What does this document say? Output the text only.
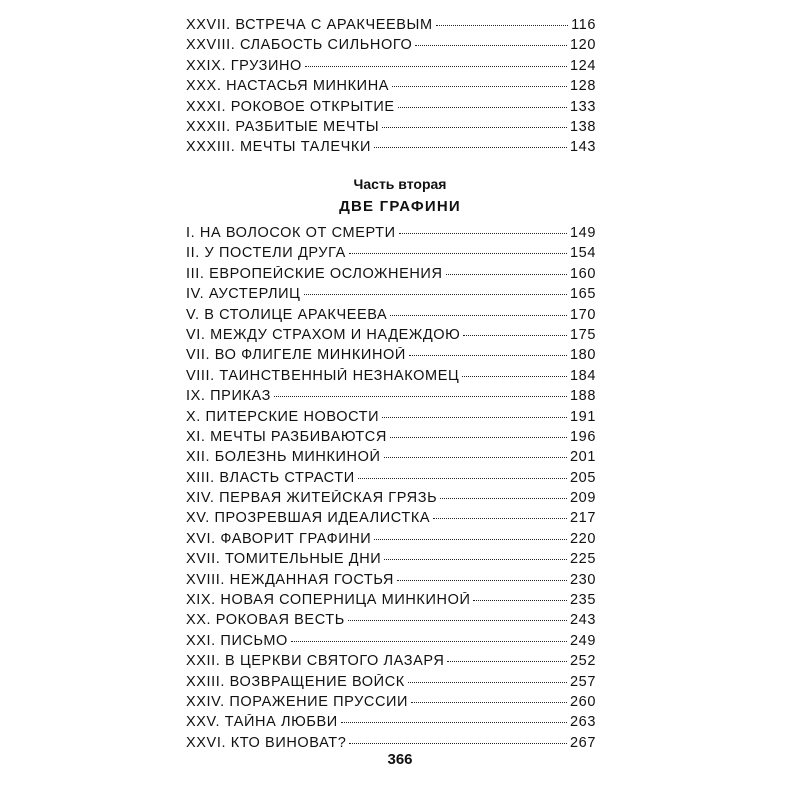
XXVII. ВСТРЕЧА С АРАКЧЕЕВЫМ	116
XXVIII. СЛАБОСТЬ СИЛЬНОГО	120
XXIX. ГРУЗИНО	124
XXX. НАСТАСЬЯ МИНКИНА	128
XXXI. РОКОВОЕ ОТКРЫТИЕ	133
XXXII. РАЗБИТЫЕ МЕЧТЫ	138
XXXIII. МЕЧТЫ ТАЛЕЧКИ	143

Часть вторая

ДВЕ ГРАФИНИ

I. НА ВОЛОСОК ОТ СМЕРТИ	149
II. У ПОСТЕЛИ ДРУГА	154
III. ЕВРОПЕЙСКИЕ ОСЛОЖНЕНИЯ	160
IV. АУСТЕРЛИЦ	165
V. В СТОЛИЦЕ АРАКЧЕЕВА	170
VI. МЕЖДУ СТРАХОМ И НАДЕЖДОЮ	175
VII. ВО ФЛИГЕЛЕ МИНКИНОЙ	180
VIII. ТАИНСТВЕННЫЙ НЕЗНАКОМЕЦ	184
IX. ПРИКАЗ	188
X. ПИТЕРСКИЕ НОВОСТИ	191
XI. МЕЧТЫ РАЗБИВАЮТСЯ	196
XII. БОЛЕЗНЬ МИНКИНОЙ	201
XIII. ВЛАСТЬ СТРАСТИ	205
XIV. ПЕРВАЯ ЖИТЕЙСКАЯ ГРЯЗЬ	209
XV. ПРОЗРЕВШАЯ ИДЕАЛИСТКА	217
XVI. ФАВОРИТ ГРАФИНИ	220
XVII. ТОМИТЕЛЬНЫЕ ДНИ	225
XVIII. НЕЖДАННАЯ ГОСТЬЯ	230
XIX. НОВАЯ СОПЕРНИЦА МИНКИНОЙ	235
XX. РОКОВАЯ ВЕСТЬ	243
XXI. ПИСЬМО	249
XXII. В ЦЕРКВИ СВЯТОГО ЛАЗАРЯ	252
XXIII. ВОЗВРАЩЕНИЕ ВОЙСК	257
XXIV. ПОРАЖЕНИЕ ПРУССИИ	260
XXV. ТАЙНА ЛЮБВИ	263
XXVI. КТО ВИНОВАТ?	267

366
